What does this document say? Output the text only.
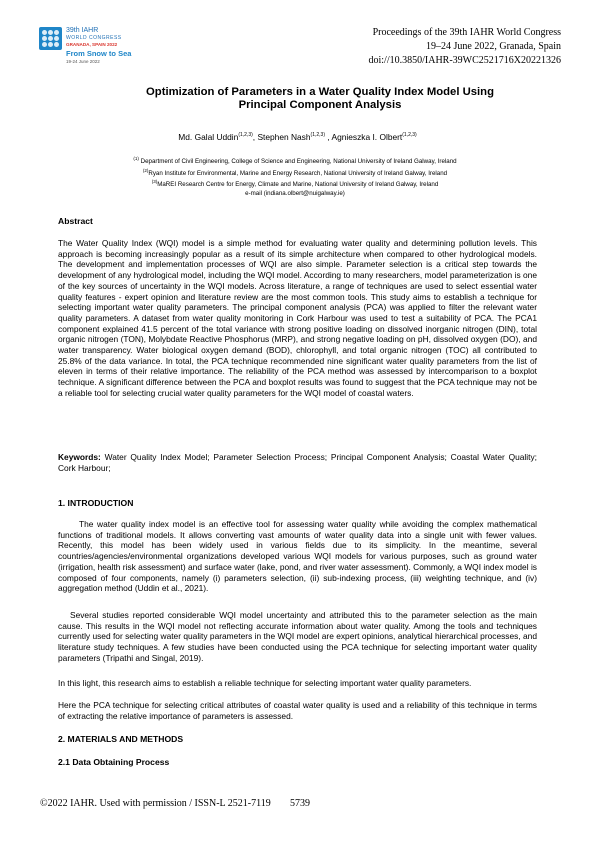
39th IAHR
WORLD CONGRESS
GRANADA, SPAIN 2022
From Snow to Sea
19-24 June 2022
Proceedings of the 39th IAHR World Congress
19–24 June 2022, Granada, Spain
doi://10.3850/IAHR-39WC2521716X20221326
Optimization of Parameters in a Water Quality Index Model Using
Principal Component Analysis
Md. Galal Uddin$^{(1,2,3)}$, Stephen Nash$^{(1,2,3)}$ , Agnieszka I. Olbert$^{(1,2,3)}$
$^{(1)}$ Department of Civil Engineering, College of Science and Engineering, National University of Ireland Galway, Ireland
$^{(2)}$Ryan Institute for Environmental, Marine and Energy Research, National University of Ireland Galway, Ireland
$^{(3)}$MaREI Research Centre for Energy, Climate and Marine, National University of Ireland Galway, Ireland
e-mail (indiana.olbert@nuigalway.ie)
Abstract
The Water Quality Index (WQI) model is a simple method for evaluating water quality and determining pollution levels. This approach is becoming increasingly popular as a result of its simple architecture when compared to other hydrological models. The development and implementation processes of WQI are also simple. Parameter selection is a critical step towards the development of any hydrological model, including the WQI model. According to many researchers, model parameterization is one of the key sources of uncertainty in the WQI models. Across literature, a range of techniques are used to select essential water quality features - expert opinion and literature review are the most common tools. This study aims to establish a technique for selecting important water quality parameters. The principal component analysis (PCA) was applied to filter the relevant water quality parameters. A dataset from water quality monitoring in Cork Harbour was used to test a suitability of PCA. The PCA1 component explained 41.5 percent of the total variance with strong positive loading on dissolved inorganic nitrogen (DIN), total organic nitrogen (TON), Molybdate Reactive Phosphorus (MRP), and strong negative loading on pH, dissolved oxygen (DO), and water transparency. Water biological oxygen demand (BOD), chlorophyll, and total organic nitrogen (TOC) all contributed to 25.8% of the data variance. In total, the PCA technique recommended nine significant water quality parameters from the list of eleven in terms of their relative importance. The reliability of the PCA method was assessed by intercomparison to a boxplot technique. A significant difference between the PCA and boxplot results was found to suggest that the PCA technique may not be a reliable tool for selecting crucial water quality parameters for the WQI model of coastal waters.
Keywords: Water Quality Index Model; Parameter Selection Process; Principal Component Analysis; Coastal Water Quality; Cork Harbour;
1. INTRODUCTION
The water quality index model is an effective tool for assessing water quality while avoiding the complex mathematical functions of traditional models. It allows converting vast amounts of water quality data into a single unit with fewer values. Recently, this model has been widely used in various fields due to its simplicity. In the meantime, several countries/agencies/environmental organizations developed various WQI models for various purposes, such as ground water (irrigation, health risk assessment) and surface water (lake, pond, and river water assessment). Commonly, a WQI index model is composed of four components, namely (i) parameters selection, (ii) sub-indexing process, (iii) weighting technique, and (iv) aggregation method (Uddin et al., 2021).
Several studies reported considerable WQI model uncertainty and attributed this to the parameter selection as the main cause. This results in the WQI model not reflecting accurate information about water quality. Among the tools and techniques currently used for selecting water quality parameters in the WQI model are expert opinions, analytical hierarchical processes, and literature study techniques. A few studies have been conducted using the PCA technique for selecting important water quality parameters (Tripathi and Singal, 2019).
In this light, this research aims to establish a reliable technique for selecting important water quality parameters.
Here the PCA technique for selecting critical attributes of coastal water quality is used and a reliability of this technique in terms of extracting the relative importance of parameters is assessed.
2. MATERIALS AND METHODS
2.1 Data Obtaining Process
©2022 IAHR. Used with permission / ISSN-L 2521-7119 5739
